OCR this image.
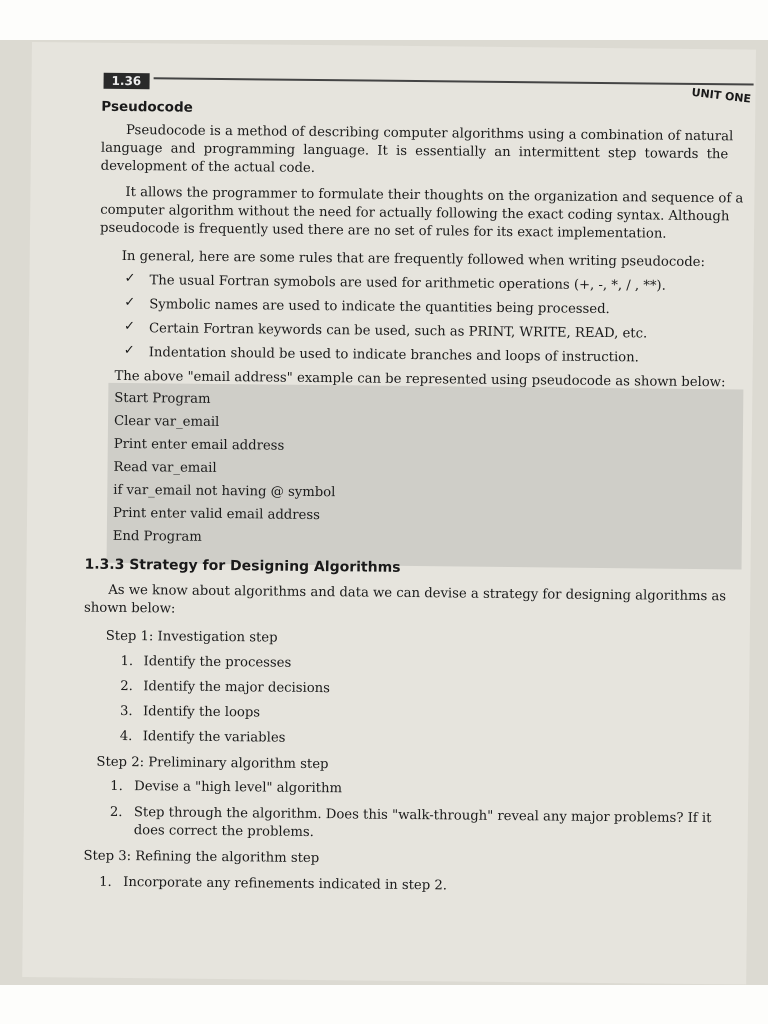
1.36
UNIT ONE
Pseudocode
Pseudocode is a method of describing computer algorithms using a combination of natural
language and programming language. It is essentially an intermittent step towards the
development of the actual code.
It allows the programmer to formulate their thoughts on the organization and sequence of a
computer algorithm without the need for actually following the exact coding syntax. Although
pseudocode is frequently used there are no set of rules for its exact implementation.
In general, here are some rules that are frequently followed when writing pseudocode:
✓ The usual Fortran symobols are used for arithmetic operations (+, -, *, / , **).
✓ Symbolic names are used to indicate the quantities being processed.
✓ Certain Fortran keywords can be used, such as PRINT, WRITE, READ, etc.
✓ Indentation should be used to indicate branches and loops of instruction.
The above "email address" example can be represented using pseudocode as shown below:
Start Program
Clear var_email
Print enter email address
Read var_email
if var_email not having @ symbol
Print enter valid email address
End Program
1.3.3 Strategy for Designing Algorithms
As we know about algorithms and data we can devise a strategy for designing algorithms as
shown below:
Step 1: Investigation step
1. Identify the processes
2. Identify the major decisions
3. Identify the loops
4. Identify the variables
Step 2: Preliminary algorithm step
1. Devise a "high level" algorithm
2. Step through the algorithm. Does this "walk-through" reveal any major problems? If it
does correct the problems.
Step 3: Refining the algorithm step
1. Incorporate any refinements indicated in step 2.
